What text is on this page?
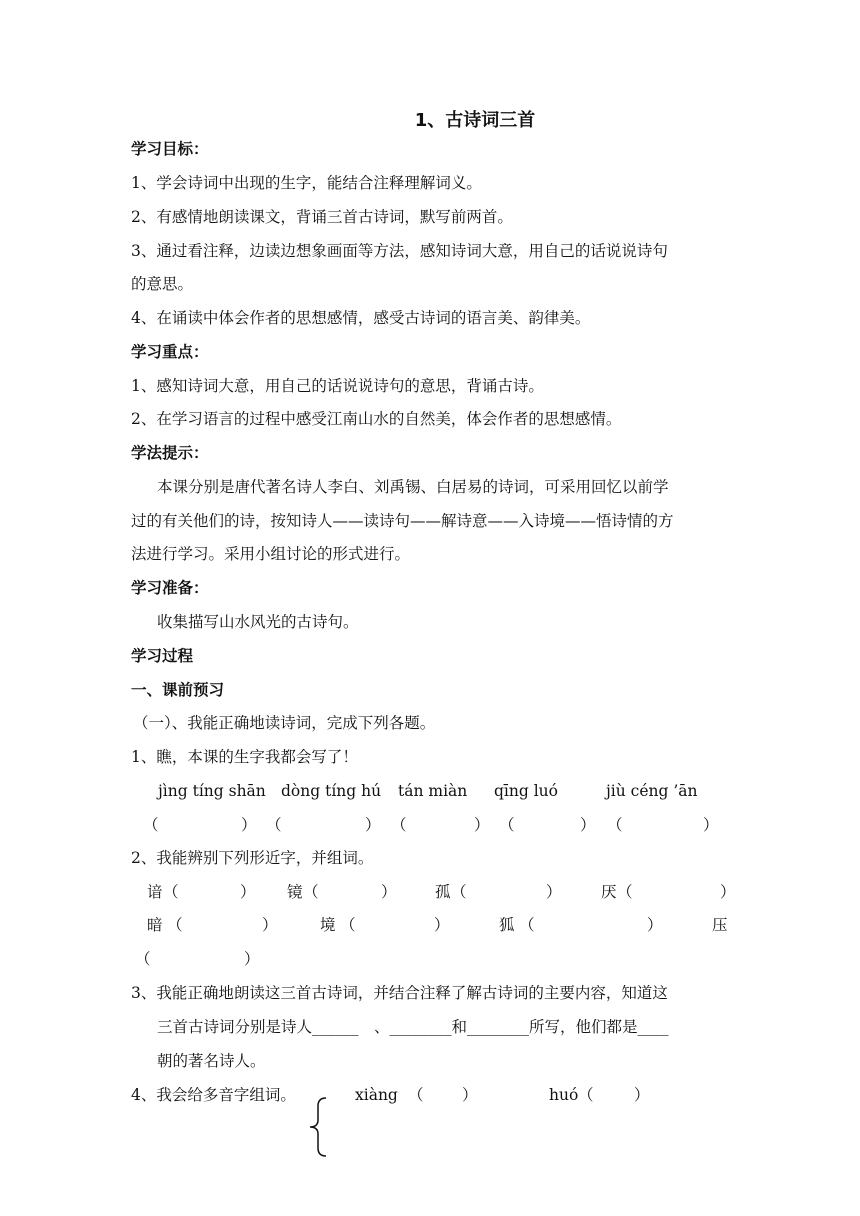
1、古诗词三首
学习目标：
1、学会诗词中出现的生字，能结合注释理解词义。
2、有感情地朗读课文，背诵三首古诗词，默写前两首。
3、通过看注释，边读边想象画面等方法，感知诗词大意，用自己的话说说诗句
的意思。
4、在诵读中体会作者的思想感情，感受古诗词的语言美、韵律美。
学习重点：
1、感知诗词大意，用自己的话说说诗句的意思，背诵古诗。
2、在学习语言的过程中感受江南山水的自然美，体会作者的思想感情。
学法提示：
本课分别是唐代著名诗人李白、刘禹锡、白居易的诗词，可采用回忆以前学
过的有关他们的诗，按知诗人——读诗句——解诗意——入诗境——悟诗情的方
法进行学习。采用小组讨论的形式进行。
学习准备：
收集描写山水风光的古诗句。
学习过程
一、课前预习
（一）、我能正确地读诗词，完成下列各题。
1、瞧，本课的生字我都会写了！
jìng tíng shān dòng tíng hú tán miàn qīng luó	jiù céng ’ān
（	） （	） （	） （	） （	）
2、我能辨别下列形近字，并组词。
谙 （	） 镜 （	） 孤 （	）	厌 （	）
暗 （	）	境 （	）	狐 （	）	压
（	）
3、我能正确地朗读这三首古诗词，并结合注释了解古诗词的主要内容，知道这
三首古诗词分别是诗人______　、________和________所写，他们都是____
朝的著名诗人。
4、我会给多音字组词。	xiàng （ ）	huó （	）
